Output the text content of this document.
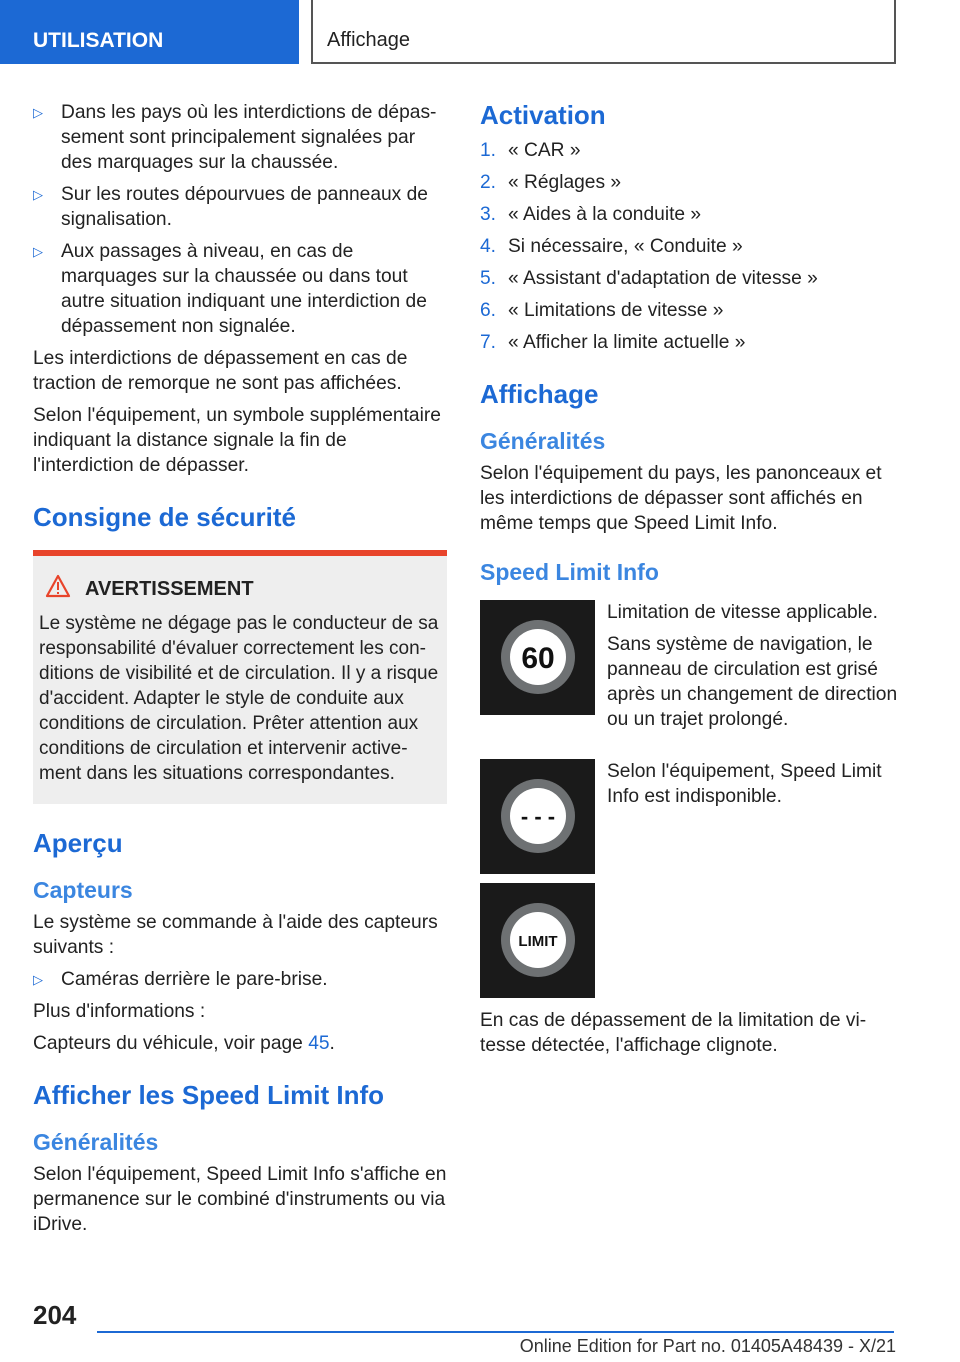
UTILISATION	Affichage
▷ Dans les pays où les interdictions de dépassement sont principalement signalées par des marquages sur la chaussée.
▷ Sur les routes dépourvues de panneaux de signalisation.
▷ Aux passages à niveau, en cas de marquages sur la chaussée ou dans tout autre situation indiquant une interdiction de dépassement non signalée.

Les interdictions de dépassement en cas de traction de remorque ne sont pas affichées.

Selon l'équipement, un symbole supplémentaire indiquant la distance signale la fin de l'interdiction de dépasser.

Consigne de sécurité
AVERTISSEMENT
Le système ne dégage pas le conducteur de sa responsabilité d'évaluer correctement les conditions de visibilité et de circulation. Il y a risque d'accident. Adapter le style de conduite aux conditions de circulation. Prêter attention aux conditions de circulation et intervenir activement dans les situations correspondantes.
Aperçu
Capteurs

Le système se commande à l'aide des capteurs suivants :

▷ Caméras derrière le pare-brise.

Plus d'informations :

Capteurs du véhicule, voir page 45.

Afficher les Speed Limit Info
Généralités

Selon l'équipement, Speed Limit Info s'affiche en permanence sur le combiné d'instruments ou via iDrive.

Activation
1. « CAR »
2. « Réglages »
3. « Aides à la conduite »
4. Si nécessaire, « Conduite »
5. « Assistant d'adaptation de vitesse »
6. « Limitations de vitesse »
7. « Afficher la limite actuelle »
Affichage
Généralités

Selon l'équipement du pays, les panonceaux et les interdictions de dépasser sont affichés en même temps que Speed Limit Info.

Speed Limit Info
60

Limitation de vitesse applicable.

Sans système de navigation, le panneau de circulation est grisé après un changement de direction ou un trajet prolongé.

- - -

Selon l'équipement, Speed Limit Info est indisponible.

LIMIT

En cas de dépassement de la limitation de vitesse détectée, l'affichage clignote.

204
Online Edition for Part no. 01405A48439 - X/21
